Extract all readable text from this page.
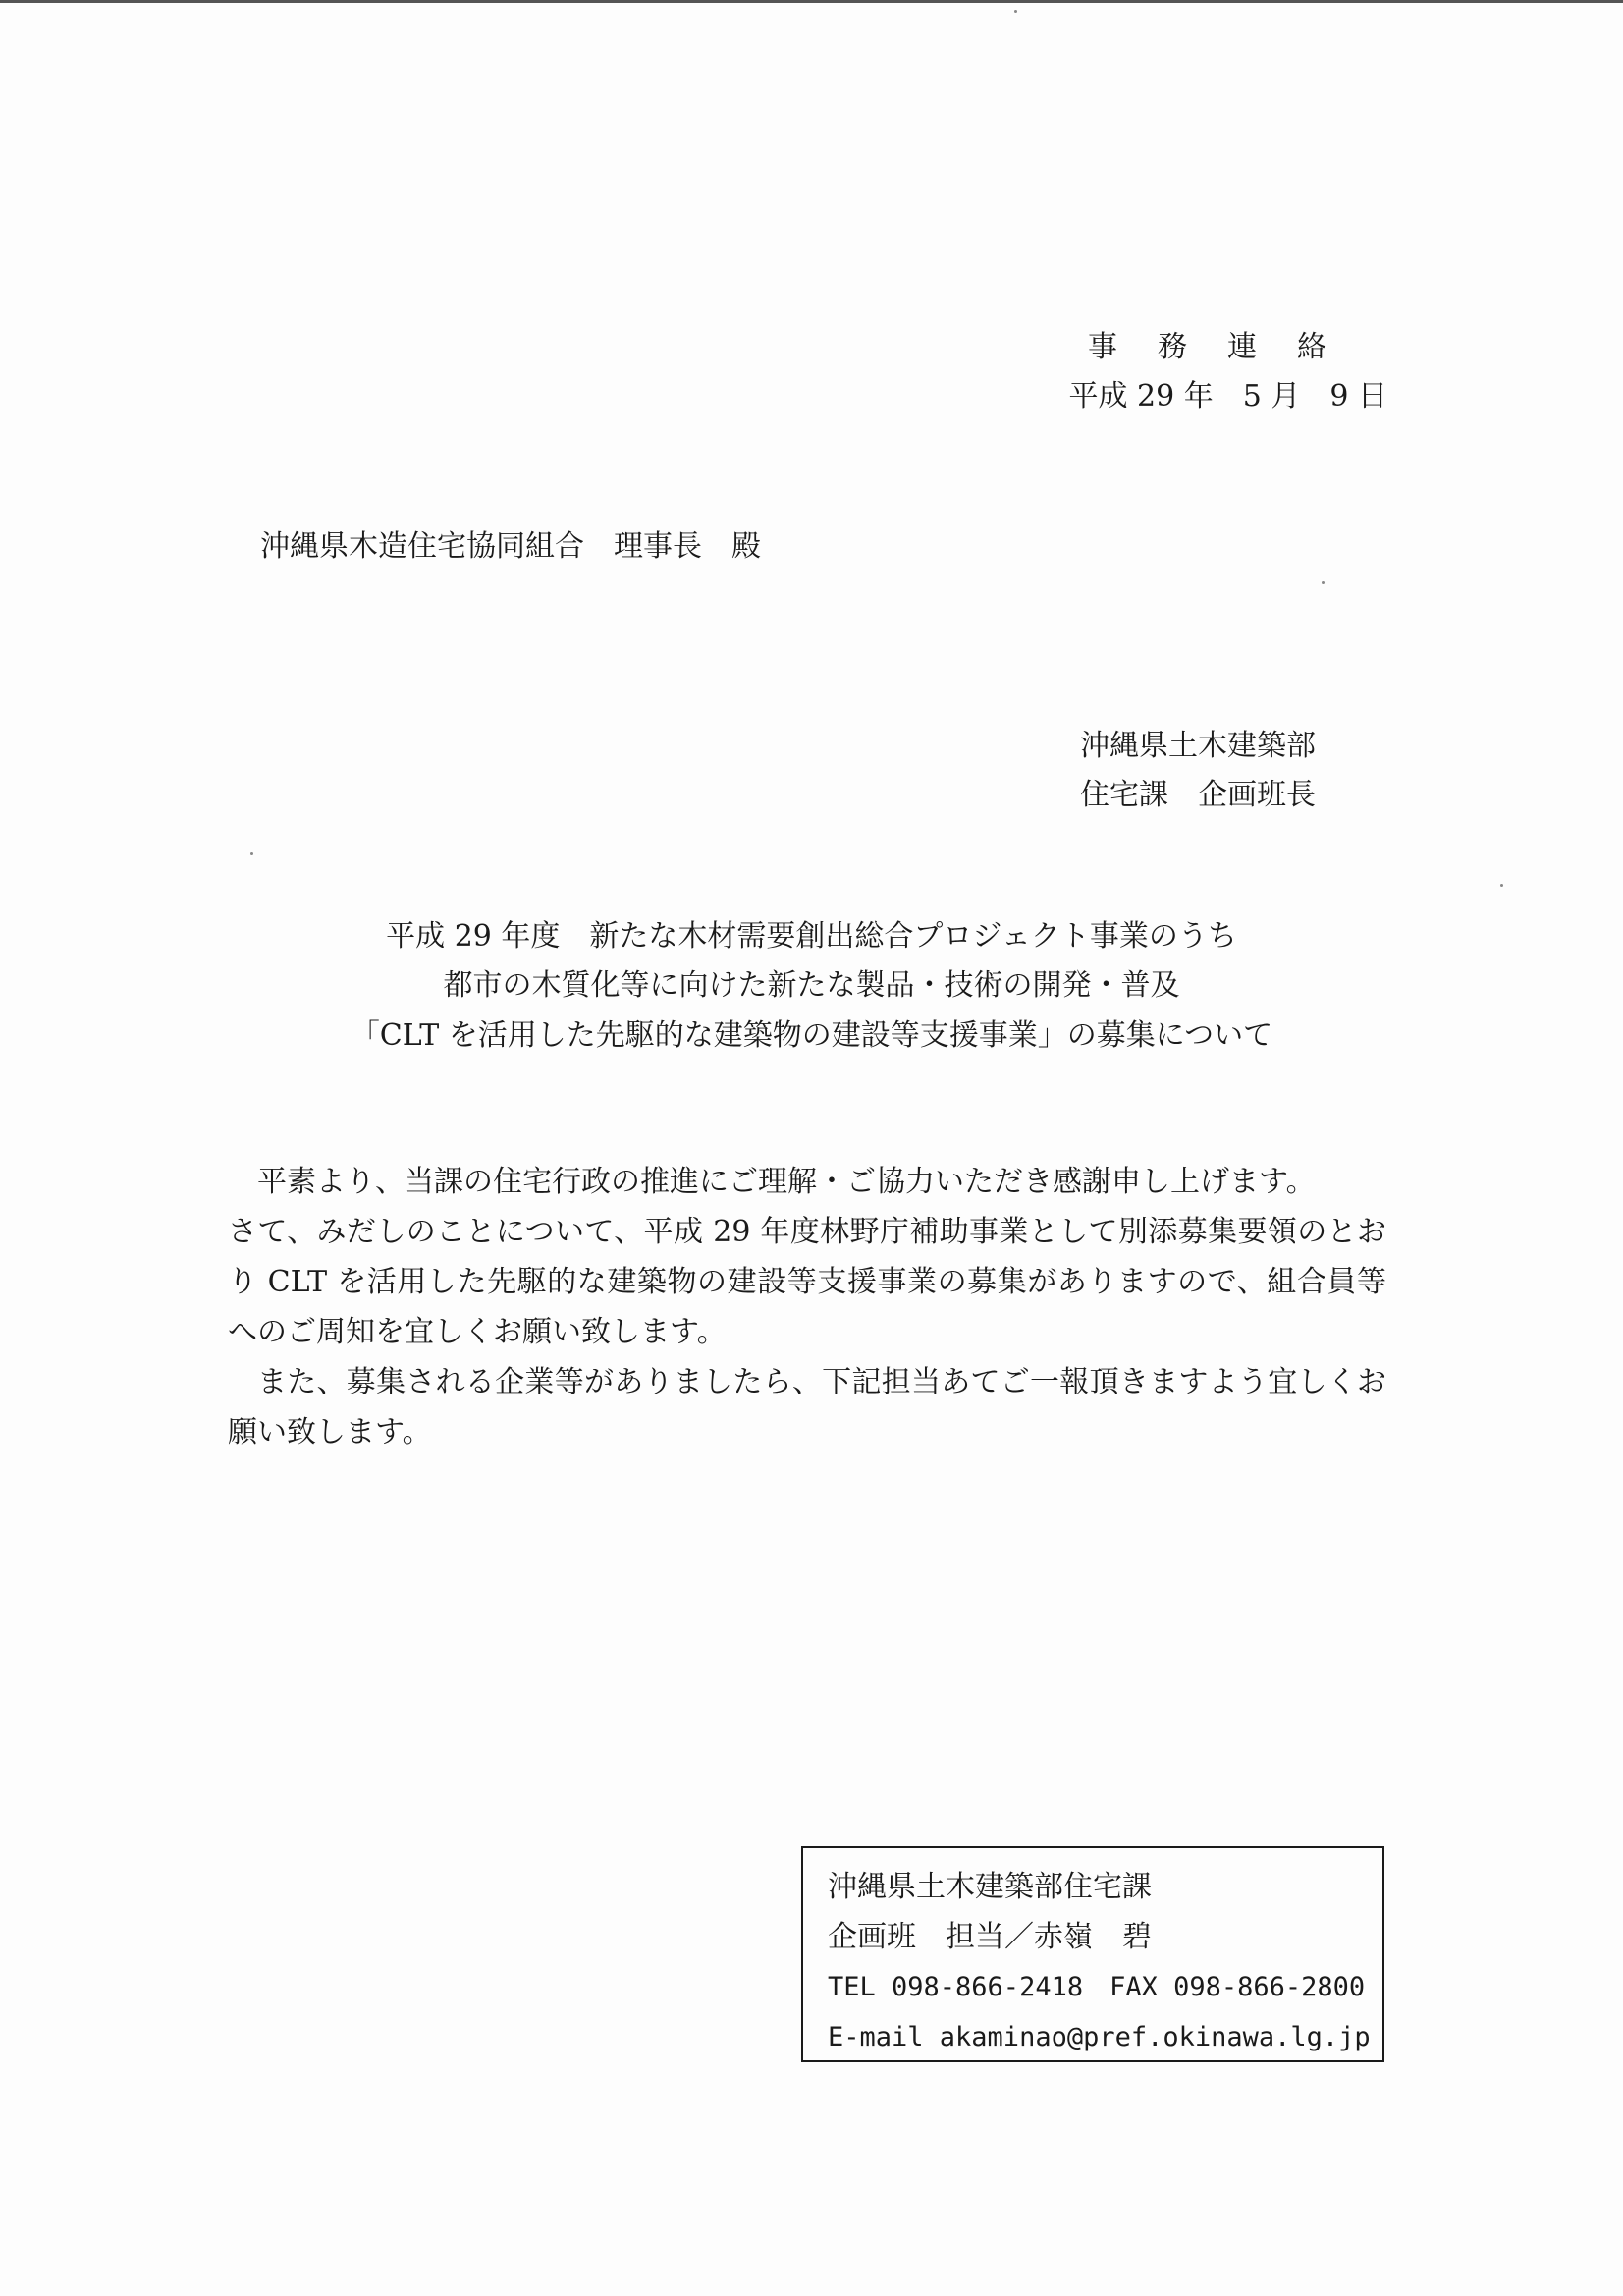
事務連絡
平成 29 年　5 月　9 日
沖縄県木造住宅協同組合　理事長　殿
沖縄県土木建築部
住宅課　企画班長
平成 29 年度　新たな木材需要創出総合プロジェクト事業のうち
都市の木質化等に向けた新たな製品・技術の開発・普及
「CLT を活用した先駆的な建築物の建設等支援事業」の募集について

平素より、当課の住宅行政の推進にご理解・ご協力いただき感謝申し上げます。

さて、みだしのことについて、平成 29 年度林野庁補助事業として別添募集要領のとおり CLT を活用した先駆的な建築物の建設等支援事業の募集がありますので、組合員等へのご周知を宜しくお願い致します。

また、募集される企業等がありましたら、下記担当あてご一報頂きますよう宜しくお願い致します。

沖縄県土木建築部住宅課
企画班　担当／赤嶺　碧
TEL 098-866-2418　FAX 098-866-2800
E-mail akaminao@pref.okinawa.lg.jp
